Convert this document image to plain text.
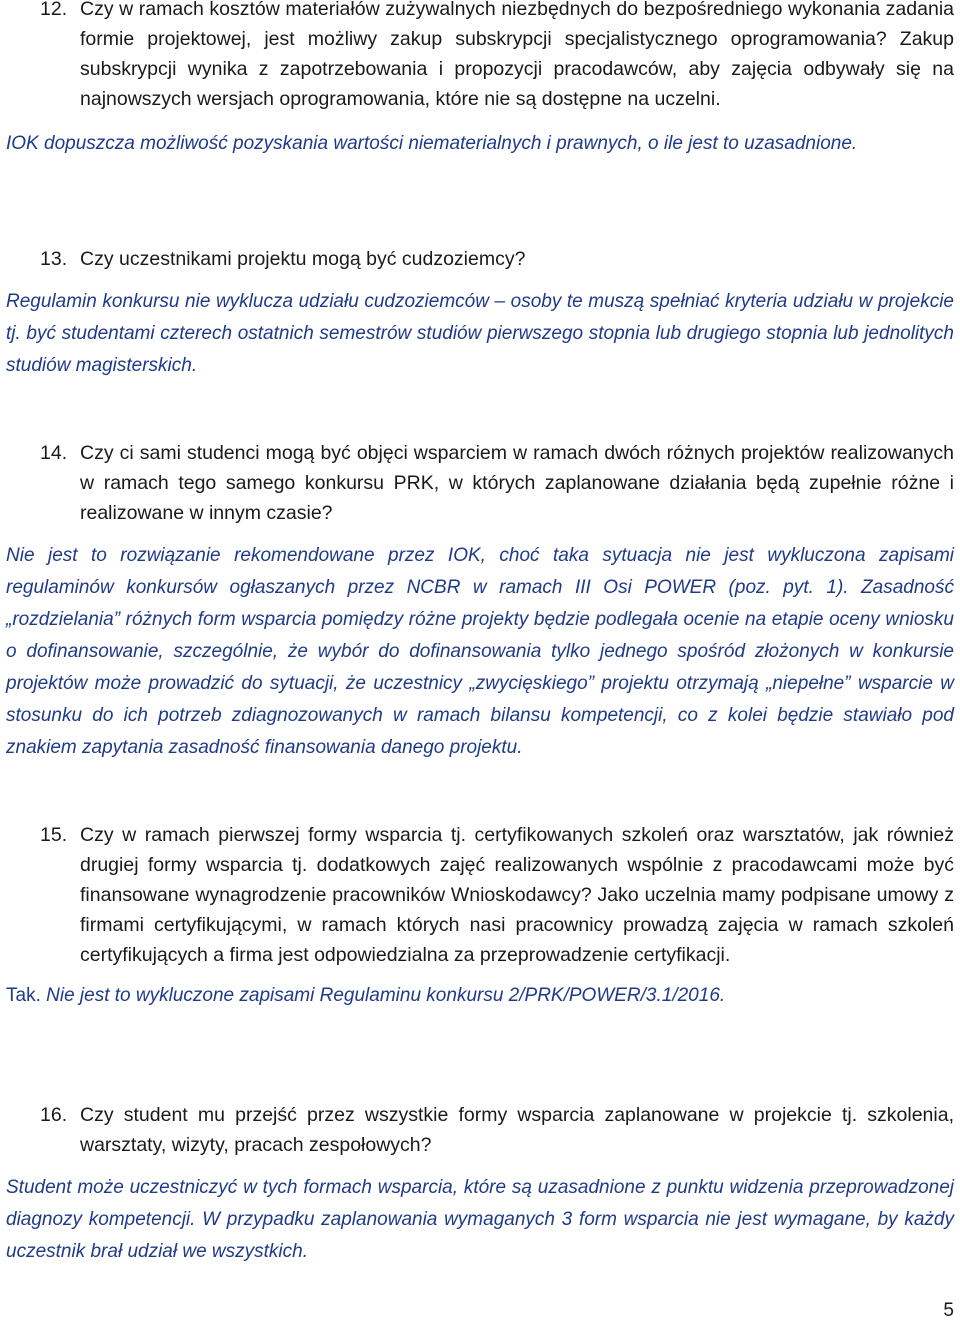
12. Czy w ramach kosztów materiałów zużywalnych niezbędnych do bezpośredniego wykonania zadania formie projektowej, jest możliwy zakup subskrypcji specjalistycznego oprogramowania? Zakup subskrypcji wynika z zapotrzebowania i propozycji pracodawców, aby zajęcia odbywały się na najnowszych wersjach oprogramowania, które nie są dostępne na uczelni.
IOK dopuszcza możliwość pozyskania wartości niematerialnych i prawnych, o ile jest to uzasadnione.
13. Czy uczestnikami projektu mogą być cudzoziemcy?
Regulamin konkursu nie wyklucza udziału cudzoziemców – osoby te muszą spełniać kryteria udziału w projekcie tj. być studentami czterech ostatnich semestrów studiów pierwszego stopnia lub drugiego stopnia lub jednolitych studiów magisterskich.
14. Czy ci sami studenci mogą być objęci wsparciem w ramach dwóch różnych projektów realizowanych w ramach tego samego konkursu PRK, w których zaplanowane działania będą zupełnie różne i realizowane w innym czasie?
Nie jest to rozwiązanie rekomendowane przez IOK, choć taka sytuacja nie jest wykluczona zapisami regulaminów konkursów ogłaszanych przez NCBR w ramach III Osi POWER (poz. pyt. 1). Zasadność „rozdzielania” różnych form wsparcia pomiędzy różne projekty będzie podlegała ocenie na etapie oceny wniosku o dofinansowanie, szczególnie, że wybór do dofinansowania tylko jednego spośród złożonych w konkursie projektów może prowadzić do sytuacji, że uczestnicy „zwycięskiego” projektu otrzymają „niepełne” wsparcie w stosunku do ich potrzeb zdiagnozowanych w ramach bilansu kompetencji, co z kolei będzie stawiało pod znakiem zapytania zasadność finansowania danego projektu.
15. Czy w ramach pierwszej formy wsparcia tj. certyfikowanych szkoleń oraz warsztatów, jak również drugiej formy wsparcia tj. dodatkowych zajęć realizowanych wspólnie z pracodawcami może być finansowane wynagrodzenie pracowników Wnioskodawcy? Jako uczelnia mamy podpisane umowy z firmami certyfikującymi, w ramach których nasi pracownicy prowadzą zajęcia w ramach szkoleń certyfikujących a firma jest odpowiedzialna za przeprowadzenie certyfikacji.
Tak. Nie jest to wykluczone zapisami Regulaminu konkursu 2/PRK/POWER/3.1/2016.
16. Czy student mu przejść przez wszystkie formy wsparcia zaplanowane w projekcie tj. szkolenia, warsztaty, wizyty, pracach zespołowych?
Student może uczestniczyć w tych formach wsparcia, które są uzasadnione z punktu widzenia przeprowadzonej diagnozy kompetencji. W przypadku zaplanowania wymaganych 3 form wsparcia nie jest wymagane, by każdy uczestnik brał udział we wszystkich.
5
